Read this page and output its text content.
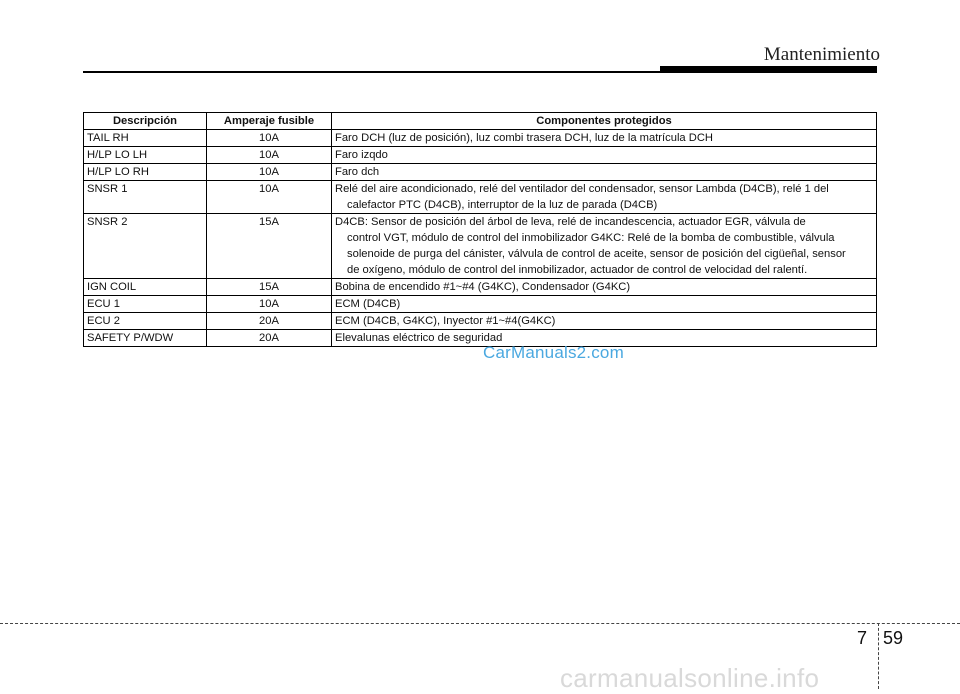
Mantenimiento
Descripción	Amperaje fusible	Componentes protegidos
TAIL RH	10A	Faro DCH (luz de posición), luz combi trasera DCH, luz de la matrícula DCH

H/LP LO LH	10A	Faro izqdo

H/LP LO RH	10A	Faro dch

SNSR 1	10A	Relé del aire acondicionado, relé del ventilador del condensador, sensor Lambda (D4CB), relé 1 del
calefactor PTC (D4CB), interruptor de la luz de parada (D4CB)

SNSR 2	15A	D4CB: Sensor de posición del árbol de leva, relé de incandescencia, actuador EGR, válvula de
control VGT, módulo de control del inmobilizador G4KC: Relé de la bomba de combustible, válvula
solenoide de purga del cánister, válvula de control de aceite, sensor de posición del cigüeñal, sensor
de oxígeno, módulo de control del inmobilizador, actuador de control de velocidad del ralentí.

IGN COIL	15A	Bobina de encendido #1~#4 (G4KC), Condensador (G4KC)

ECU 1	10A	ECM (D4CB)

ECU 2	20A	ECM (D4CB, G4KC), Inyector #1~#4(G4KC)

SAFETY P/WDW	20A	Elevalunas eléctrico de seguridad
CarManuals2.com
7 59
carmanualsonline.info
